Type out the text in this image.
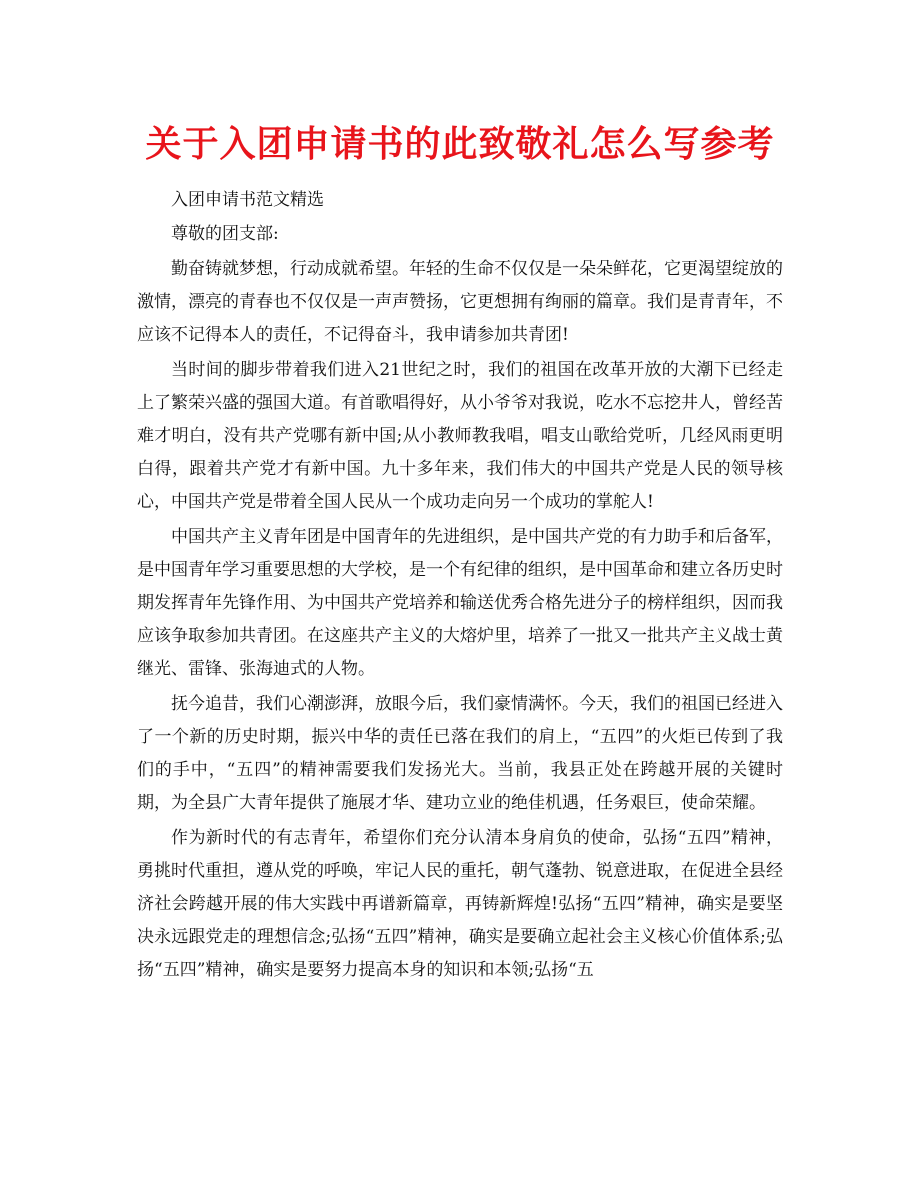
关于入团申请书的此致敬礼怎么写参考

入团申请书范文精选

尊敬的团支部:

勤奋铸就梦想，行动成就希望。年轻的生命不仅仅是一朵朵鲜花，它更渴望绽放的激情，漂亮的青春也不仅仅是一声声赞扬，它更想拥有绚丽的篇章。我们是青青年，不应该不记得本人的责任，不记得奋斗，我申请参加共青团!

当时间的脚步带着我们进入21世纪之时，我们的祖国在改革开放的大潮下已经走上了繁荣兴盛的强国大道。有首歌唱得好，从小爷爷对我说，吃水不忘挖井人，曾经苦难才明白，没有共产党哪有新中国;从小教师教我唱，唱支山歌给党听，几经风雨更明白得，跟着共产党才有新中国。九十多年来，我们伟大的中国共产党是人民的领导核心，中国共产党是带着全国人民从一个成功走向另一个成功的掌舵人!

中国共产主义青年团是中国青年的先进组织，是中国共产党的有力助手和后备军，是中国青年学习重要思想的大学校，是一个有纪律的组织，是中国革命和建立各历史时期发挥青年先锋作用、为中国共产党培养和输送优秀合格先进分子的榜样组织，因而我应该争取参加共青团。在这座共产主义的大熔炉里，培养了一批又一批共产主义战士黄继光、雷锋、张海迪式的人物。

抚今追昔，我们心潮澎湃，放眼今后，我们豪情满怀。今天，我们的祖国已经进入了一个新的历史时期，振兴中华的责任已落在我们的肩上，“五四”的火炬已传到了我们的手中，“五四”的精神需要我们发扬光大。当前，我县正处在跨越开展的关键时期，为全县广大青年提供了施展才华、建功立业的绝佳机遇，任务艰巨，使命荣耀。

作为新时代的有志青年，希望你们充分认清本身肩负的使命，弘扬“五四”精神，勇挑时代重担，遵从党的呼唤，牢记人民的重托，朝气蓬勃、锐意进取，在促进全县经济社会跨越开展的伟大实践中再谱新篇章，再铸新辉煌!弘扬“五四”精神，确实是要坚决永远跟党走的理想信念;弘扬“五四”精神，确实是要确立起社会主义核心价值体系;弘扬“五四”精神，确实是要努力提高本身的知识和本领;弘扬“五
